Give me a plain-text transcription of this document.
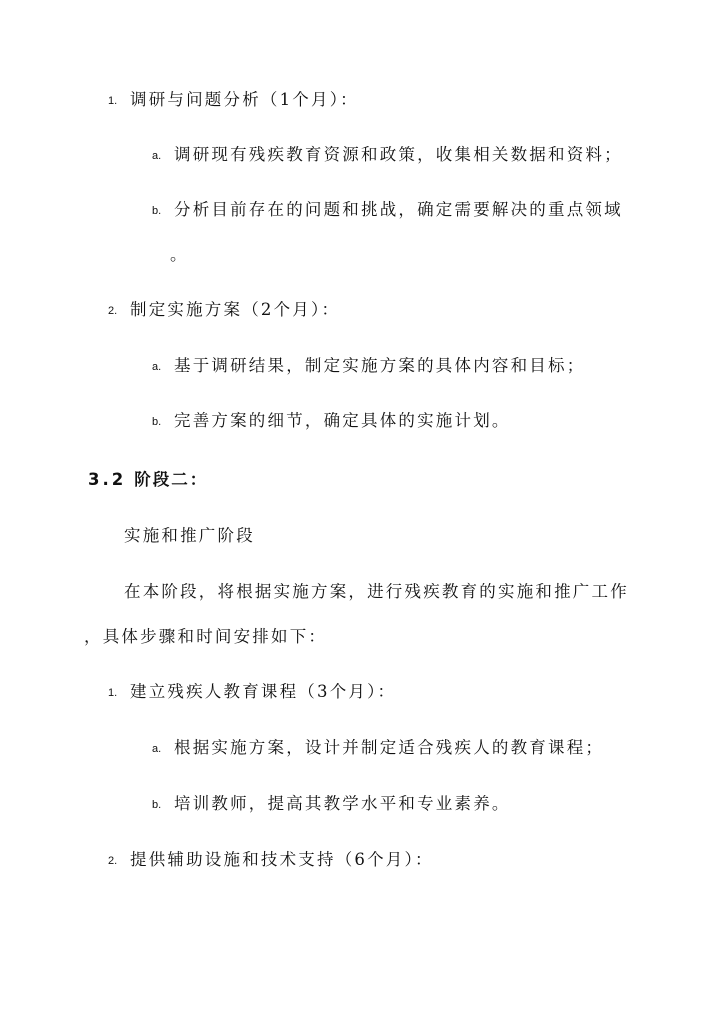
1. 调研与问题分析（1个月）：
a. 调研现有残疾教育资源和政策，收集相关数据和资料；
b. 分析目前存在的问题和挑战，确定需要解决的重点领域
。
2. 制定实施方案（2个月）：
a. 基于调研结果，制定实施方案的具体内容和目标；
b. 完善方案的细节，确定具体的实施计划。
3.2 阶段二：
实施和推广阶段
在本阶段，将根据实施方案，进行残疾教育的实施和推广工作
，具体步骤和时间安排如下：
1. 建立残疾人教育课程（3个月）：
a. 根据实施方案，设计并制定适合残疾人的教育课程；
b. 培训教师，提高其教学水平和专业素养。
2. 提供辅助设施和技术支持（6个月）：
